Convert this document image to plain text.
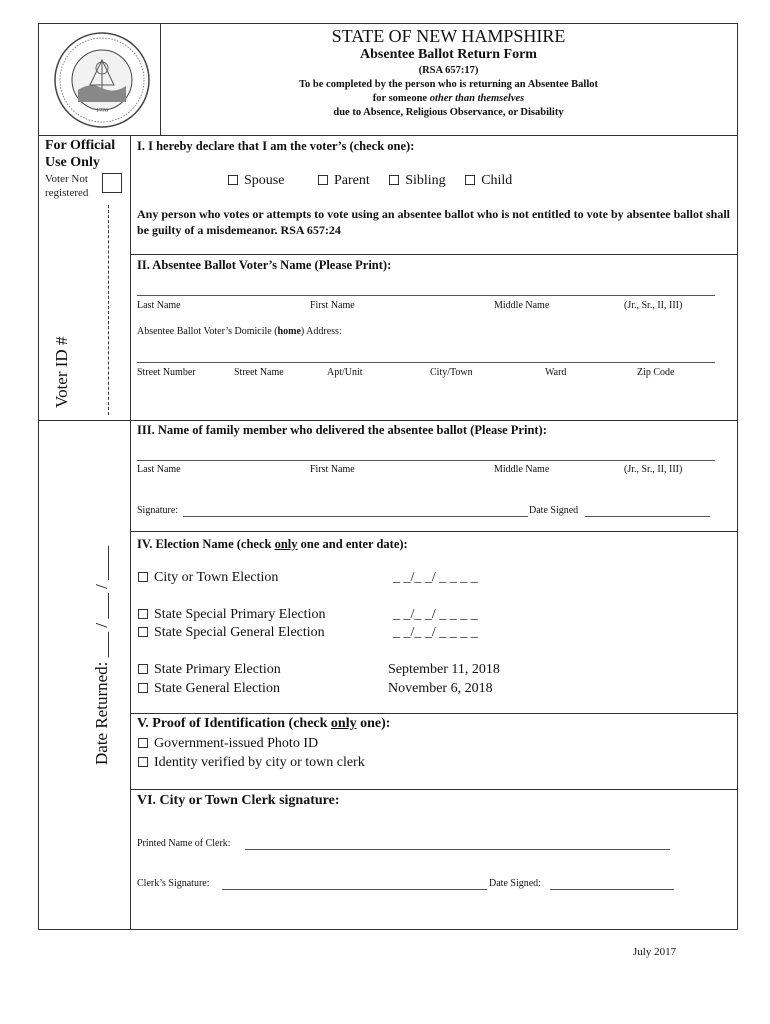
1776
STATE OF NEW HAMPSHIRE
Absentee Ballot Return Form
(RSA 657:17)
To be completed by the person who is returning an Absentee Ballot
for someone other than themselves
due to Absence, Religious Observance, or Disability
For Official
Use Only
Voter Not
registered
Voter ID #
Date Returned: ___ / ___ / ____
I. I hereby declare that I am the voter’s (check one):
Spouse	Parent	Sibling	Child
Any person who votes or attempts to vote using an absentee ballot who is not entitled to vote by absentee ballot shall be guilty of a misdemeanor. RSA 657:24
II. Absentee Ballot Voter’s Name (Please Print):
Last Name	First Name	Middle Name	(Jr., Sr., II, III)
Absentee Ballot Voter’s Domicile (home) Address:
Street Number	Street Name	Apt/Unit	City/Town	Ward	Zip Code
III. Name of family member who delivered the absentee ballot (Please Print):
Last Name	First Name	Middle Name	(Jr., Sr., II, III)
Signature:	Date Signed
IV. Election Name (check only one and enter date):
City or Town Election	_ _/_ _/ _ _ _ _
State Special Primary Election	_ _/_ _/ _ _ _ _
State Special General Election	_ _/_ _/ _ _ _ _
State Primary Election	September 11, 2018
State General Election	November 6, 2018
V. Proof of Identification (check only one):
Government-issued Photo ID
Identity verified by city or town clerk
VI. City or Town Clerk signature:
Printed Name of Clerk:
Clerk’s Signature:	Date Signed:
July 2017
